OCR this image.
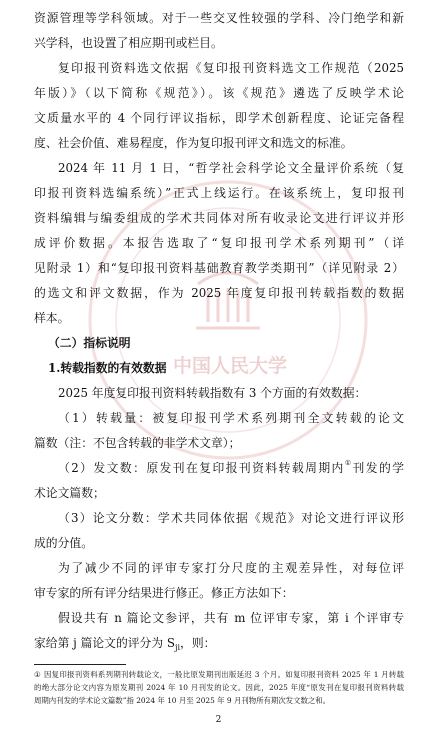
中国人民大学
资源管理等学科领域。对于一些交叉性较强的学科、冷门绝学和新
兴学科，也设置了相应期刊或栏目。
复印报刊资料选文依据《复印报刊资料选文工作规范（2025
年版）》（以下简称《规范》）。该《规范》遴选了反映学术论
文质量水平的 4 个同行评议指标，即学术创新程度、论证完备程
度、社会价值、难易程度，作为复印报刊评文和选文的标准。
2024 年 11 月 1 日，“哲学社会科学论文全量评价系统（复
印报刊资料选编系统）”正式上线运行。在该系统上，复印报刊
资料编辑与编委组成的学术共同体对所有收录论文进行评议并形
成评价数据。本报告选取了“复印报刊学术系列期刊”（详
见附录 1）和“复印报刊资料基础教育教学类期刊”（详见附录 2）
的选文和评文数据，作为 2025 年度复印报刊转载指数的数据
样本。
（二）指标说明
1.转载指数的有效数据
2025 年度复印报刊资料转载指数有 3 个方面的有效数据：
（1）转载量：被复印报刊学术系列期刊全文转载的论文
篇数（注：不包含转载的非学术文章）；
（2）发文数：原发刊在复印报刊资料转载周期内①刊发的学
术论文篇数；
（3）论文分数：学术共同体依据《规范》对论文进行评议形
成的分值。
为了减少不同的评审专家打分尺度的主观差异性，对每位评
审专家的所有评分结果进行修正。修正方法如下：
假设共有 n 篇论文参评，共有 m 位评审专家，第 i 个评审专
家给第 j 篇论文的评分为 $S_{ji}$，则：
① 因复印报刊资料系列期刊转载论文，一般比原发期刊出版延迟 3 个月。如复印报刊资料 2025 年 1 月转载
的绝大部分论文内容为原发期刊 2024 年 10 月刊发的论文。因此，2025 年度“原发刊在复印报刊资料转载
周期内刊发的学术论文篇数”指 2024 年 10 月至 2025 年 9 月刊物所有期次发文数之和。
2
